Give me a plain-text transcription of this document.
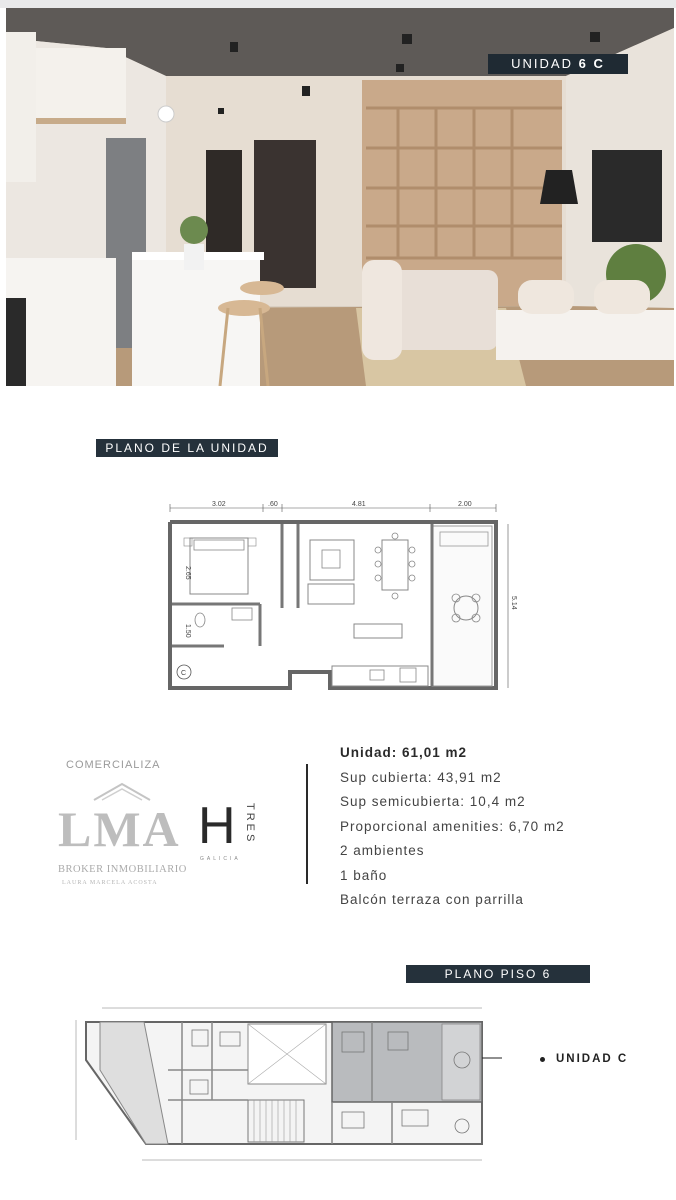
UNIDAD 6 C
PLANO DE LA UNIDAD
3.02	.60	4.81	2.00
5.14
2.65
1.50
C
COMERCIALIZA
LMA
BROKER INMOBILIARIO
LAURA MARCELA ACOSTA
H TRES
GALICIA
Unidad: 61,01 m2
Sup cubierta: 43,91 m2
Sup semicubierta: 10,4 m2
Proporcional amenities: 6,70 m2
2 ambientes
1 baño
Balcón terraza con parrilla
PLANO PISO 6
UNIDAD C
